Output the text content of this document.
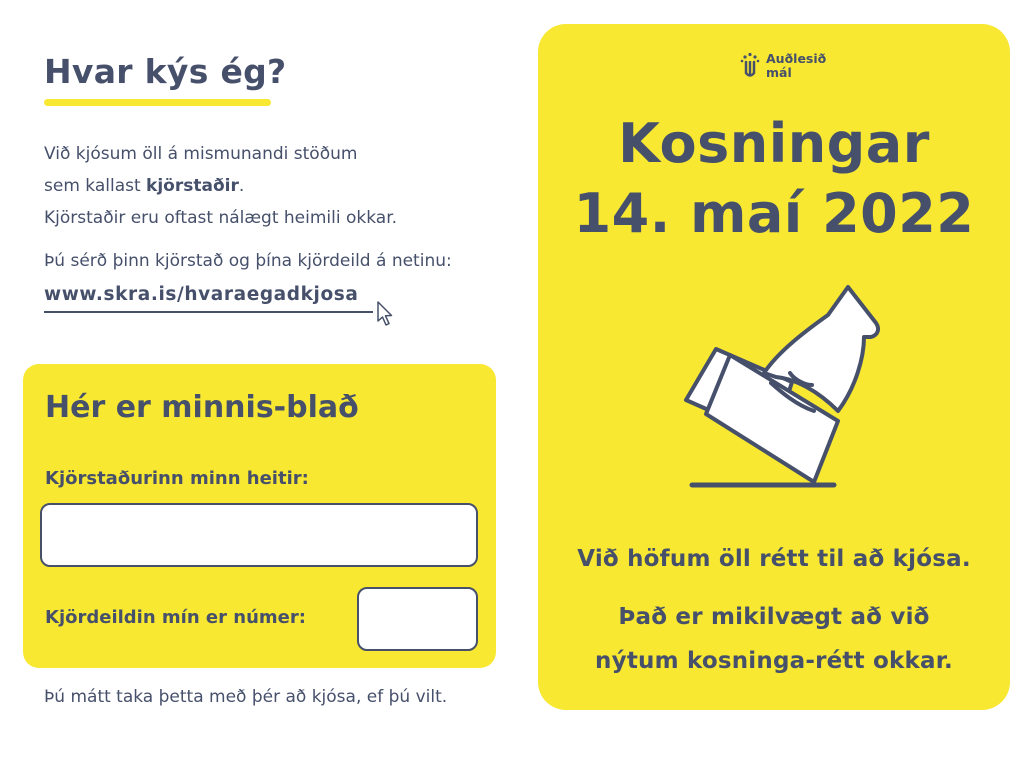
Hvar kýs ég?
Við kjósum öll á mismunandi stöðum
sem kallast kjörstaðir.
Kjörstaðir eru oftast nálægt heimili okkar.
Þú sérð þinn kjörstað og þína kjördeild á netinu:
www.skra.is/hvaraegadkjosa
Hér er minnis-blað
Kjörstaðurinn minn heitir:
Kjördeildin mín er númer:
Þú mátt taka þetta með þér að kjósa, ef þú vilt.
Auðlesið
mál
Kosningar
14. maí 2022
Við höfum öll rétt til að kjósa.
Það er mikilvægt að við
nýtum kosninga-rétt okkar.
